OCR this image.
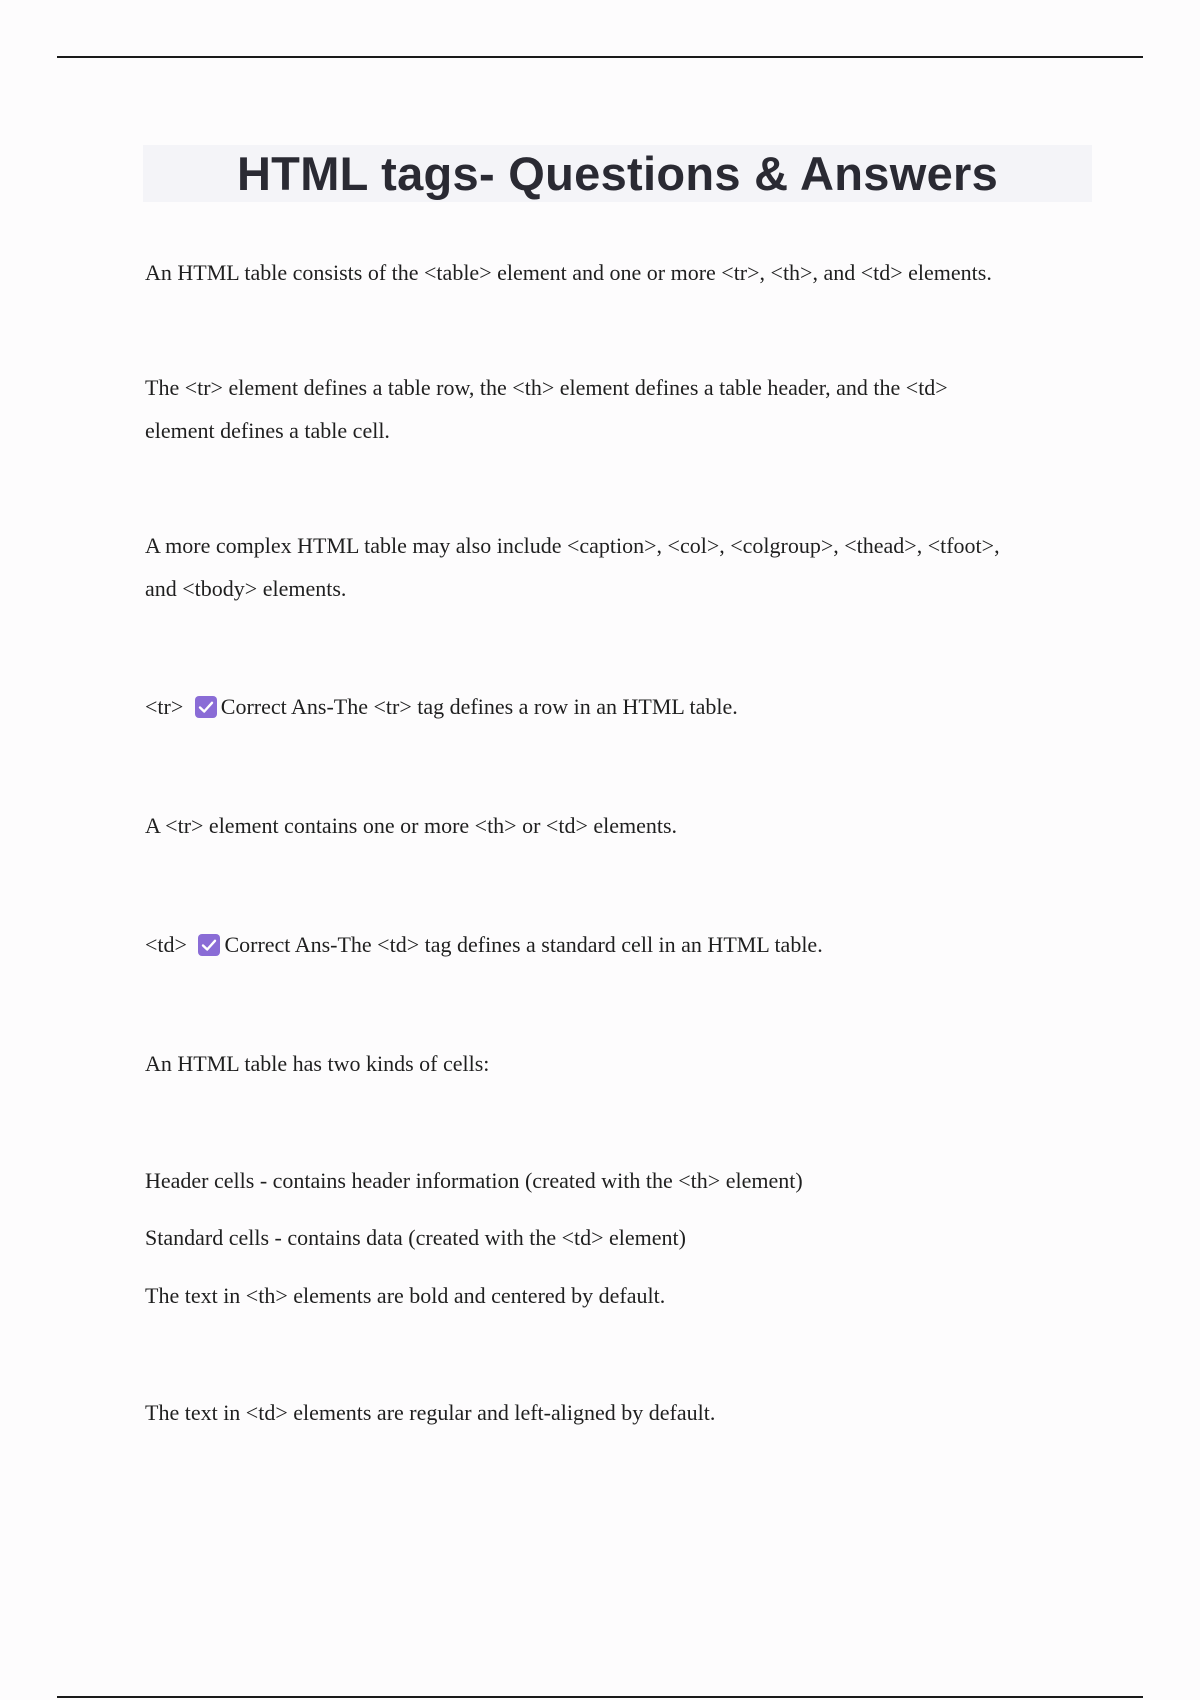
HTML tags- Questions & Answers
An HTML table consists of the <table> element and one or more <tr>, <th>, and <td> elements.
The <tr> element defines a table row, the <th> element defines a table header, and the <td>
element defines a table cell.
A more complex HTML table may also include <caption>, <col>, <colgroup>, <thead>, <tfoot>,
and <tbody> elements.
<tr> Correct Ans-The <tr> tag defines a row in an HTML table.
A <tr> element contains one or more <th> or <td> elements.
<td> Correct Ans-The <td> tag defines a standard cell in an HTML table.
An HTML table has two kinds of cells:
Header cells - contains header information (created with the <th> element)
Standard cells - contains data (created with the <td> element)
The text in <th> elements are bold and centered by default.
The text in <td> elements are regular and left-aligned by default.
